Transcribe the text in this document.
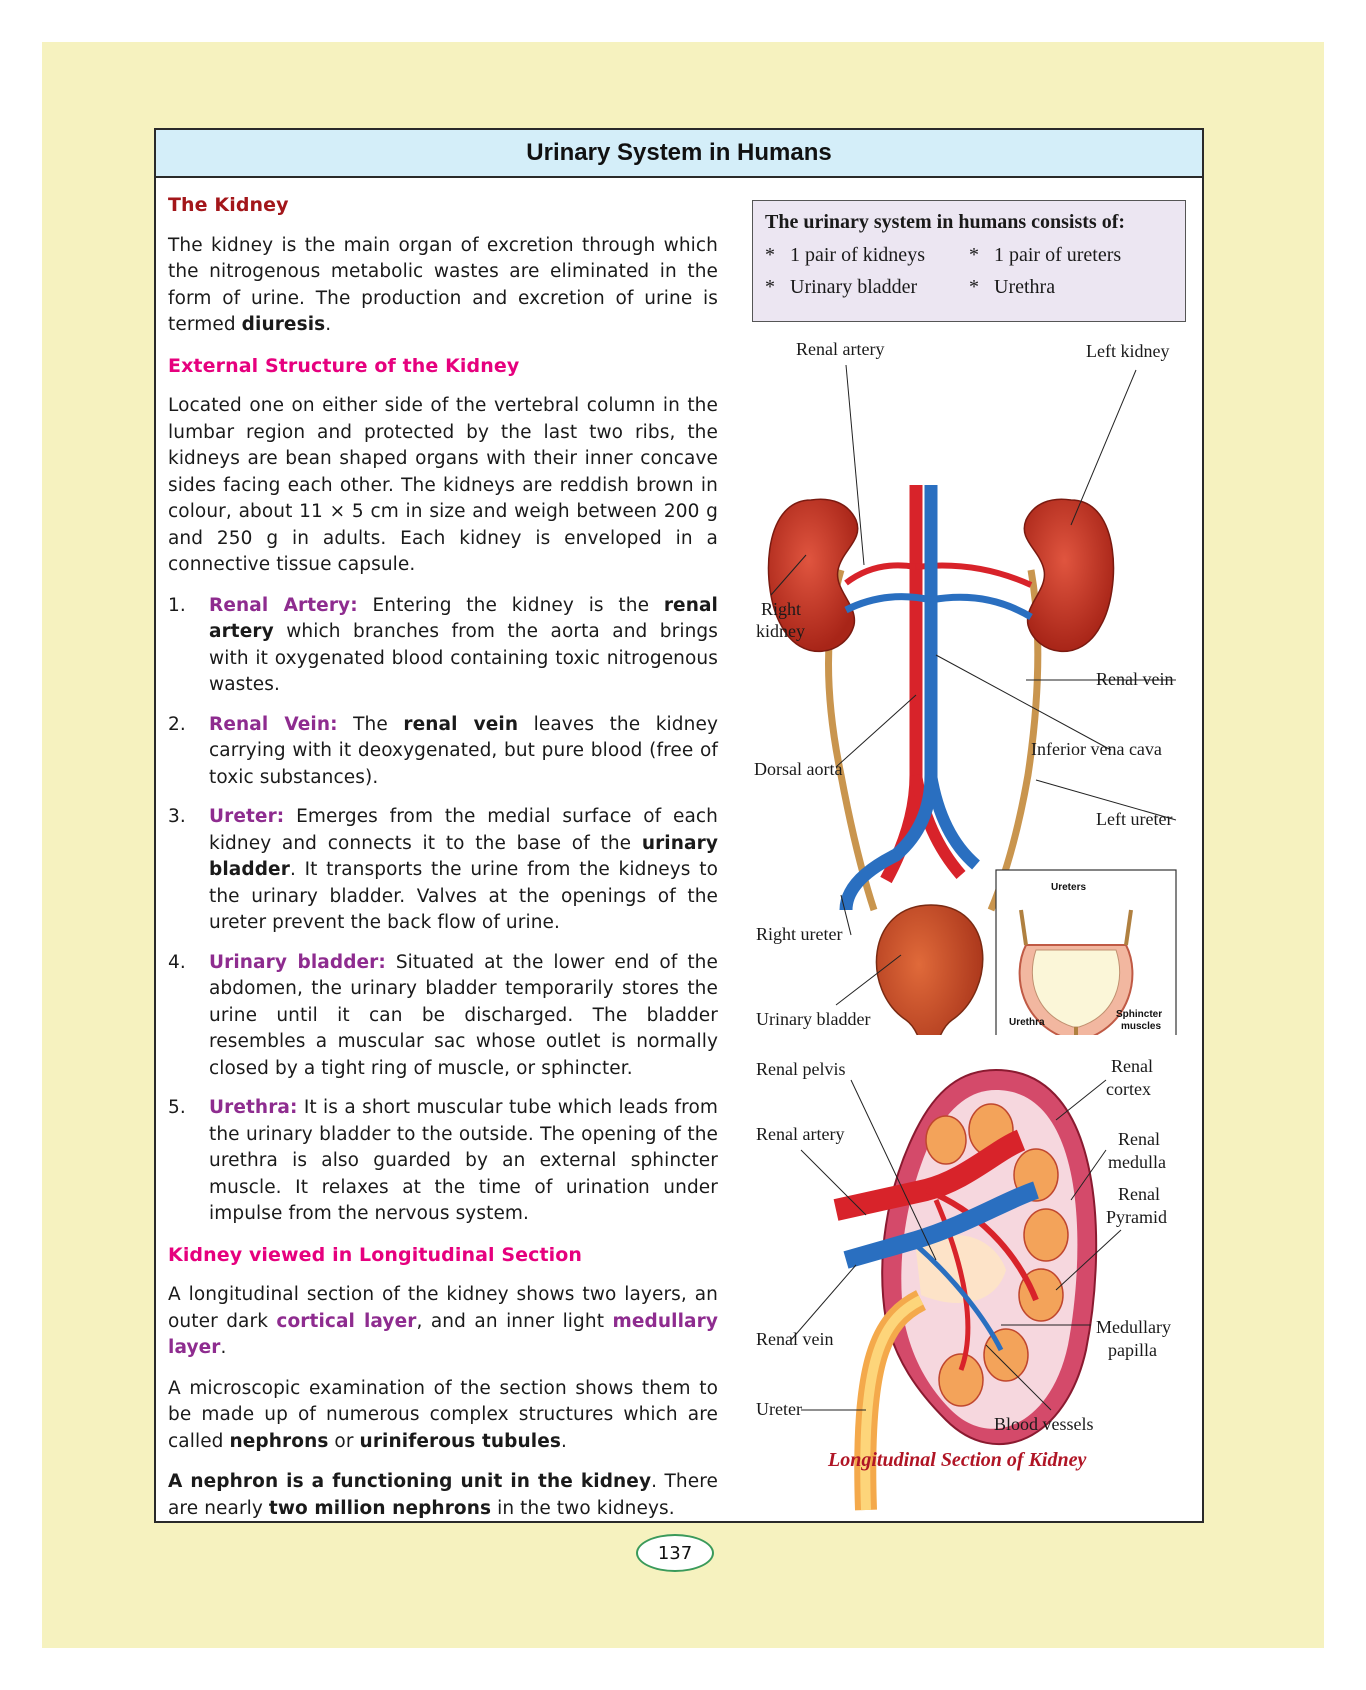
Urinary System in Humans
The Kidney

The kidney is the main organ of excretion through which the nitrogenous metabolic wastes are eliminated in the form of urine. The production and excretion of urine is termed diuresis.

External Structure of the Kidney

Located one on either side of the vertebral column in the lumbar region and protected by the last two ribs, the kidneys are bean shaped organs with their inner concave sides facing each other. The kidneys are reddish brown in colour, about 11 × 5 cm in size and weigh between 200 g and 250 g in adults. Each kidney is enveloped in a connective tissue capsule.

1. Renal Artery: Entering the kidney is the renal artery which branches from the aorta and brings with it oxygenated blood containing toxic nitrogenous wastes.
2. Renal Vein: The renal vein leaves the kidney carrying with it deoxygenated, but pure blood (free of toxic substances).
3. Ureter: Emerges from the medial surface of each kidney and connects it to the base of the urinary bladder. It transports the urine from the kidneys to the urinary bladder. Valves at the openings of the ureter prevent the back flow of urine.
4. Urinary bladder: Situated at the lower end of the abdomen, the urinary bladder temporarily stores the urine until it can be discharged. The bladder resembles a muscular sac whose outlet is normally closed by a tight ring of muscle, or sphincter.
5. Urethra: It is a short muscular tube which leads from the urinary bladder to the outside. The opening of the urethra is also guarded by an external sphincter muscle. It relaxes at the time of urination under impulse from the nervous system.
Kidney viewed in Longitudinal Section

A longitudinal section of the kidney shows two layers, an outer dark cortical layer, and an inner light medullary layer.

A microscopic examination of the section shows them to be made up of numerous complex structures which are called nephrons or uriniferous tubules.

A nephron is a functioning unit in the kidney. There are nearly two million nephrons in the two kidneys.

The urinary system in humans consists of:
* 1 pair of kidneys	* 1 pair of ureters
* Urinary bladder	* Urethra
Ureters
Urethra
Sphincter
muscles
Renal artery	Left kidney
Right
kidney
Renal vein
Inferior vena cava
Dorsal aorta
Left ureter
Right ureter
Urinary bladder
Renal pelvis	Renal
cortex
Renal artery	Renal
medulla
Renal
Pyramid
Renal vein
Medullary
papilla
Ureter
Blood vessels
Longitudinal Section of Kidney
137
